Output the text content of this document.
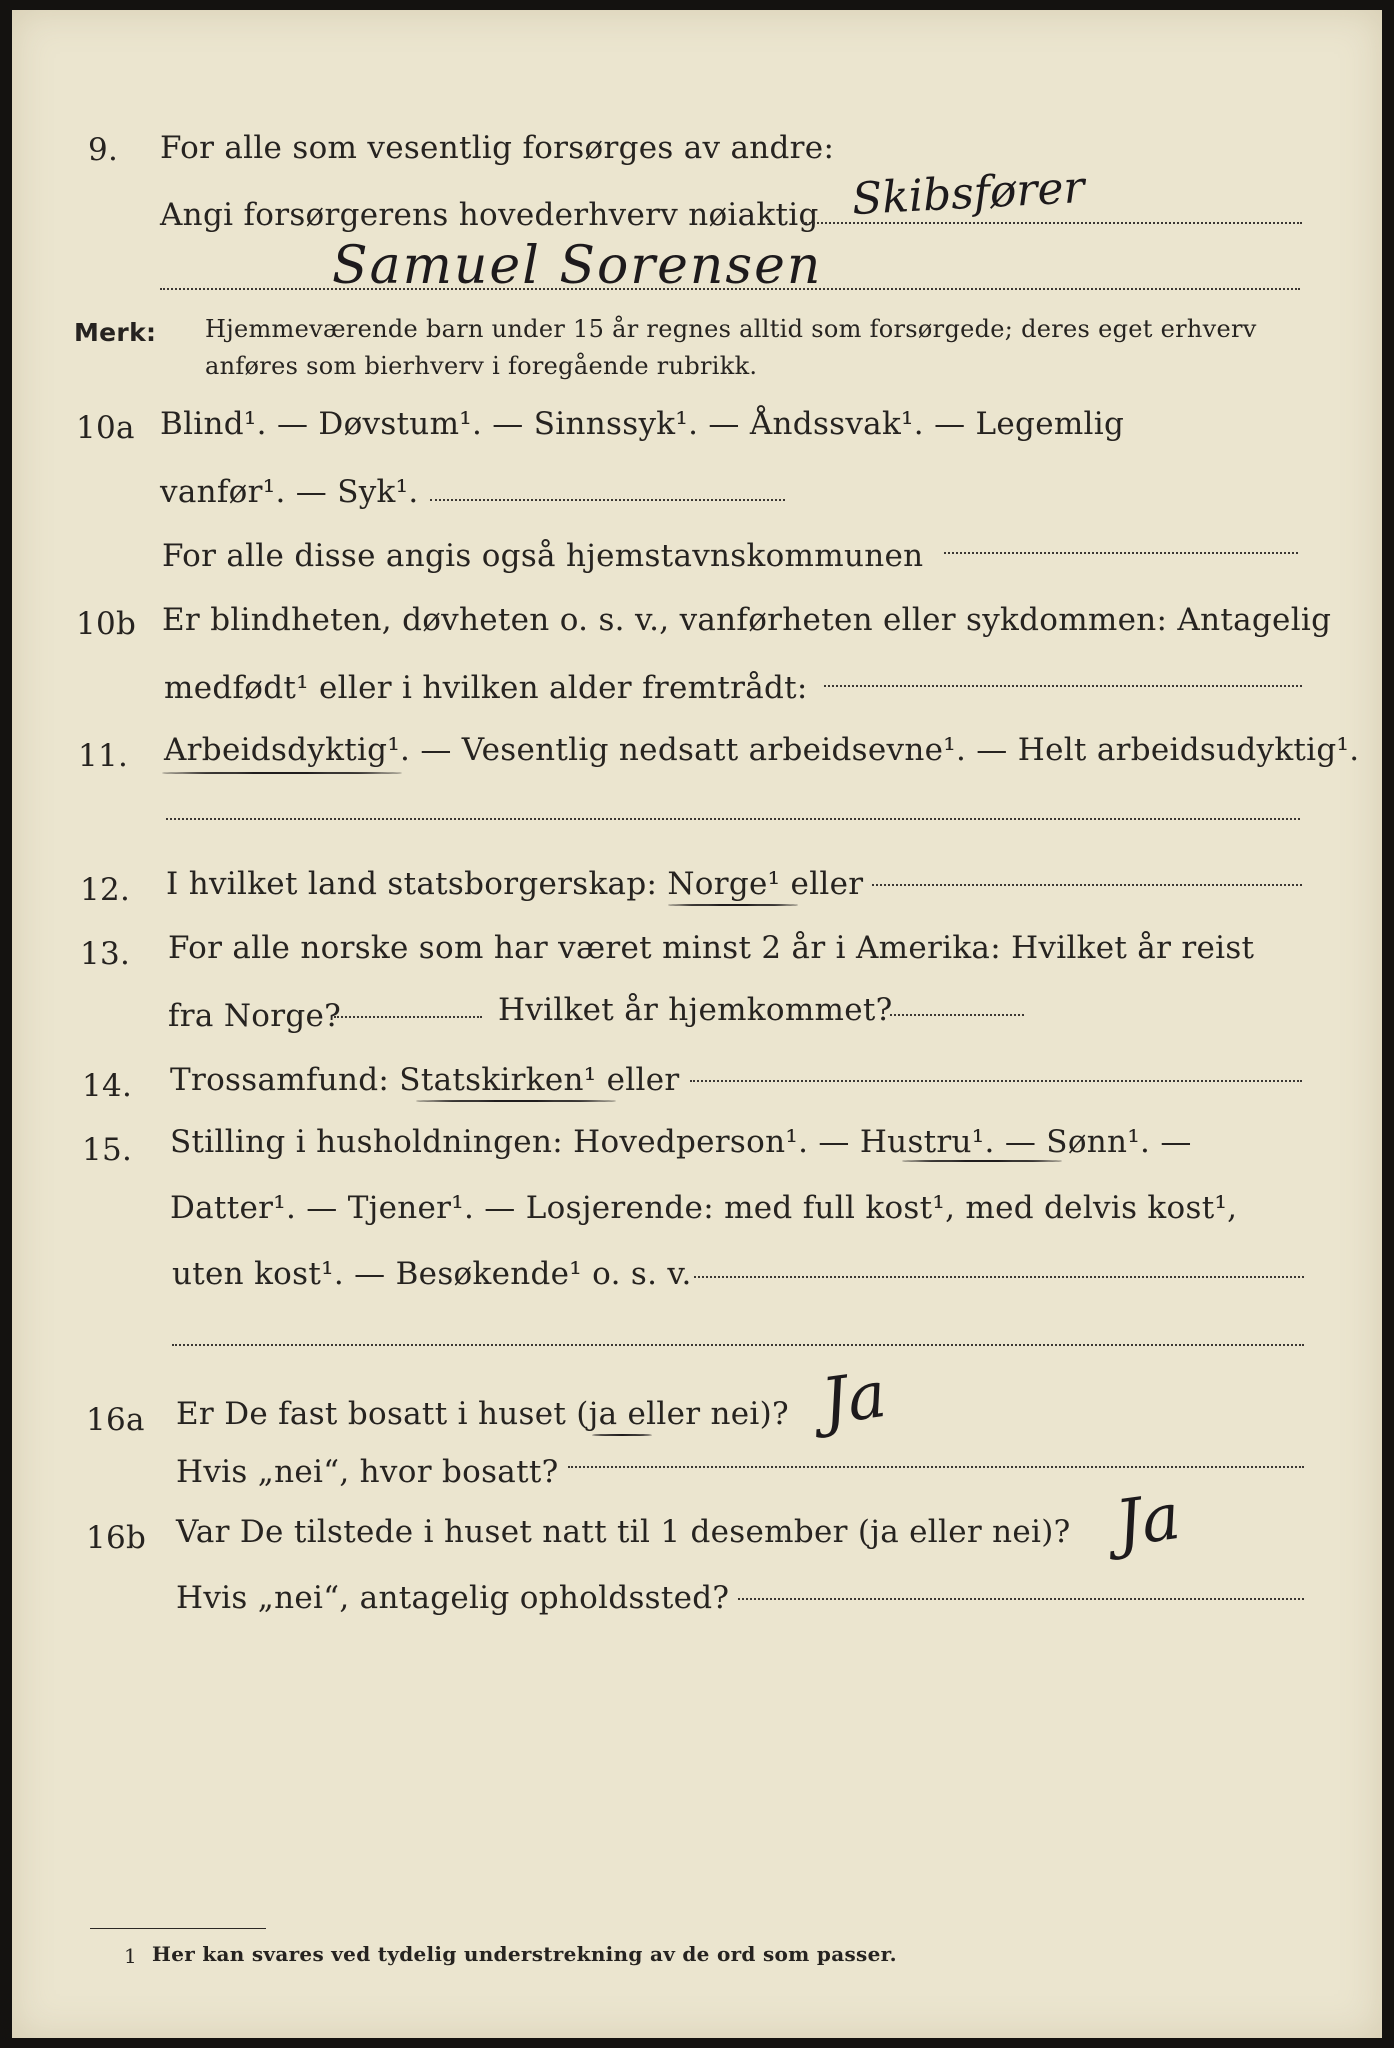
9. For alle som vesentlig forsørges av andre:
Angi forsørgerens hovederhverv nøiaktig Skibsfører
Samuel Sorensen
Merk: Hjemmeværende barn under 15 år regnes alltid som forsørgede; deres eget erhverv
anføres som bierhverv i foregående rubrikk.
10a Blind¹. — Døvstum¹. — Sinnssyk¹. — Åndssvak¹. — Legemlig
vanfør¹. — Syk¹.
For alle disse angis også hjemstavnskommunen
10b Er blindheten, døvheten o. s. v., vanførheten eller sykdommen: Antagelig
medfødt¹ eller i hvilken alder fremtrådt:
11. Arbeidsdyktig¹. — Vesentlig nedsatt arbeidsevne¹. — Helt arbeidsudyktig¹.
12. I hvilket land statsborgerskap: Norge¹ eller
13. For alle norske som har været minst 2 år i Amerika: Hvilket år reist
fra Norge?	Hvilket år hjemkommet?
14. Trossamfund: Statskirken¹ eller
15. Stilling i husholdningen: Hovedperson¹. — Hustru¹. — Sønn¹. —
Datter¹. — Tjener¹. — Losjerende: med full kost¹, med delvis kost¹,
uten kost¹. — Besøkende¹ o. s. v.
16a Er De fast bosatt i huset (ja eller nei)? Ja
Hvis „nei“, hvor bosatt?
16b Var De tilstede i huset natt til 1 desember (ja eller nei)? Ja
Hvis „nei“, antagelig opholdssted?
1 Her kan svares ved tydelig understrekning av de ord som passer.
